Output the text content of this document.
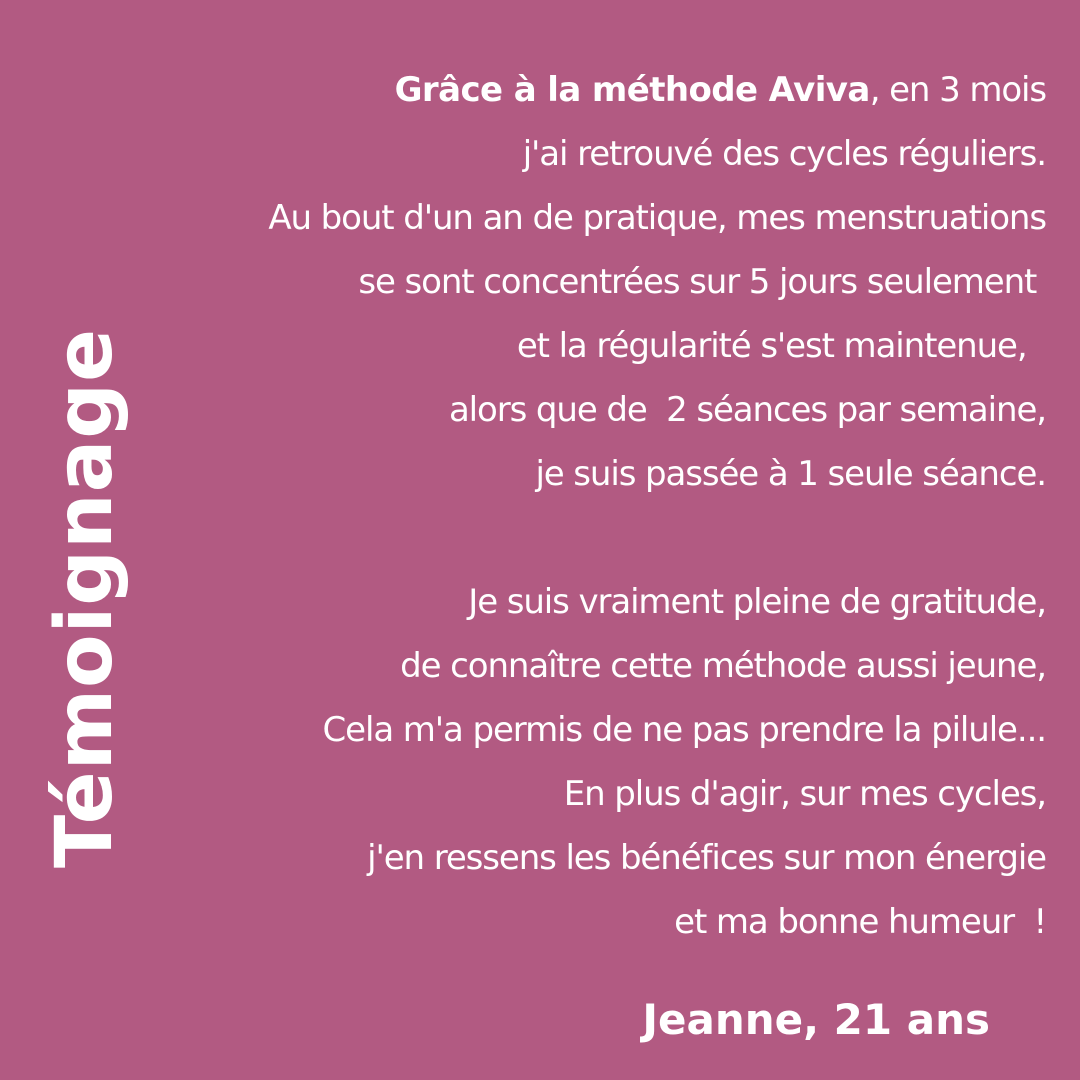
Témoignage
Grâce à la méthode Aviva, en 3 mois
j'ai retrouvé des cycles réguliers.
Au bout d'un an de pratique, mes menstruations
se sont concentrées sur 5 jours seulement
et la régularité s'est maintenue,
alors que de  2 séances par semaine,
je suis passée à 1 seule séance.
Je suis vraiment pleine de gratitude,
de connaître cette méthode aussi jeune,
Cela m'a permis de ne pas prendre la pilule...
En plus d'agir, sur mes cycles,
j'en ressens les bénéfices sur mon énergie
et ma bonne humeur  !
Jeanne, 21 ans
